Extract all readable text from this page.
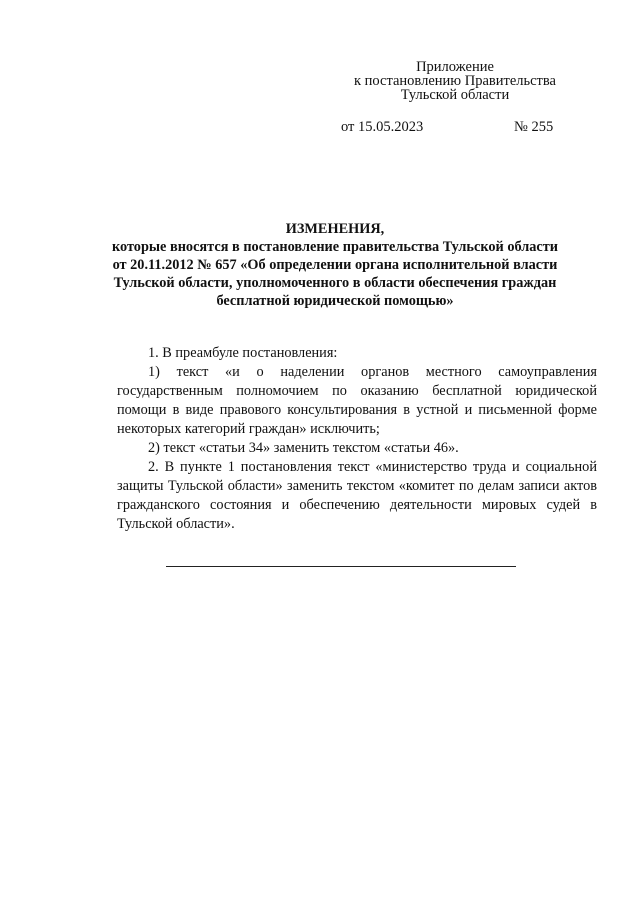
Приложение
к постановлению Правительства
Тульской области
от 15.05.2023	№ 255
ИЗМЕНЕНИЯ,
которые вносятся в постановление правительства Тульской области
от 20.11.2012 № 657 «Об определении органа исполнительной власти
Тульской области, уполномоченного в области обеспечения граждан
бесплатной юридической помощью»

1. В преамбуле постановления:

1) текст «и о наделении органов местного самоуправления государственным полномочием по оказанию бесплатной юридической помощи в виде правового консультирования в устной и письменной форме некоторых категорий граждан» исключить;

2) текст «статьи 34» заменить текстом «статьи 46».

2. В пункте 1 постановления текст «министерство труда и социальной защиты Тульской области» заменить текстом «комитет по делам записи актов гражданского состояния и обеспечению деятельности мировых судей в Тульской области».
